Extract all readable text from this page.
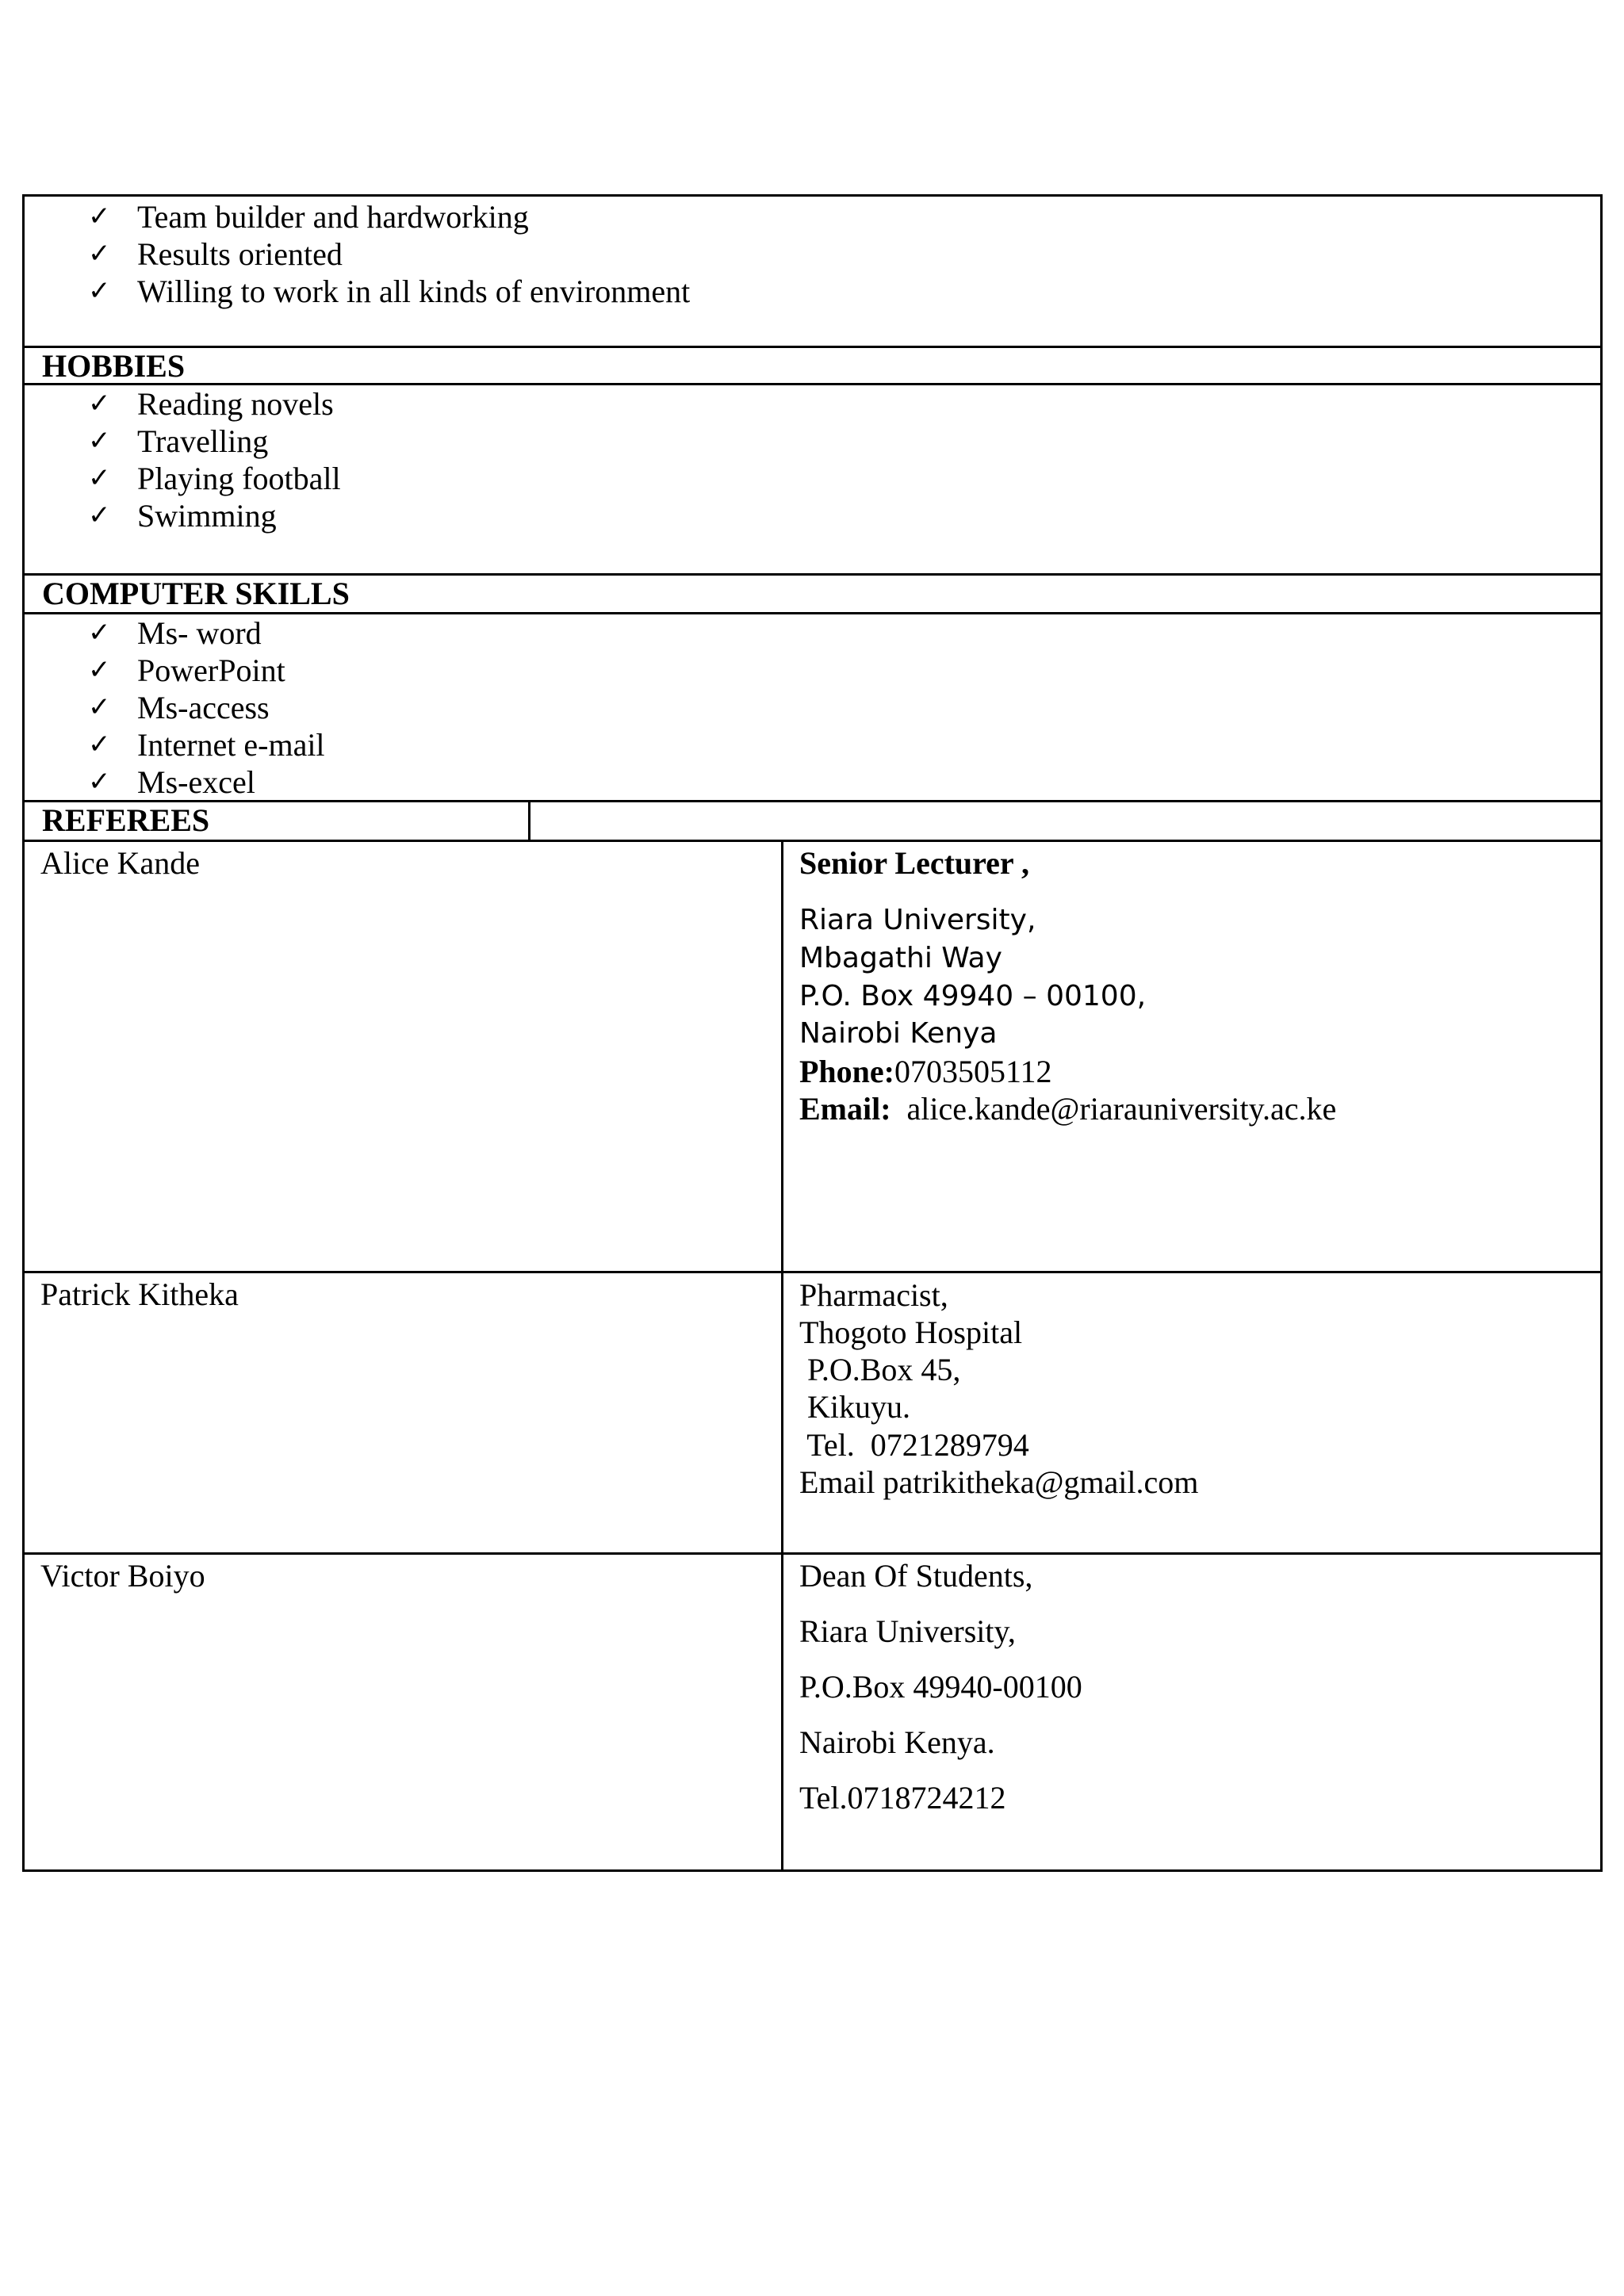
✓ Team builder and hardworking
✓ Results oriented
✓ Willing to work in all kinds of environment
HOBBIES
✓ Reading novels
✓ Travelling
✓ Playing football
✓ Swimming
COMPUTER SKILLS
✓ Ms- word
✓ PowerPoint
✓ Ms-access
✓ Internet e-mail
✓ Ms-excel
REFEREES
Alice Kande	Senior Lecturer ,
Riara University,
Mbagathi Way
P.O. Box 49940 – 00100,
Nairobi Kenya
Phone:0703505112
Email:  alice.kande@riarauniversity.ac.ke
Patrick Kitheka	Pharmacist,
Thogoto Hospital
P.O.Box 45,
Kikuyu.
Tel.  0721289794
Email patrikitheka@gmail.com
Victor Boiyo	Dean Of Students,
Riara University,
P.O.Box 49940-00100
Nairobi Kenya.
Tel.0718724212
